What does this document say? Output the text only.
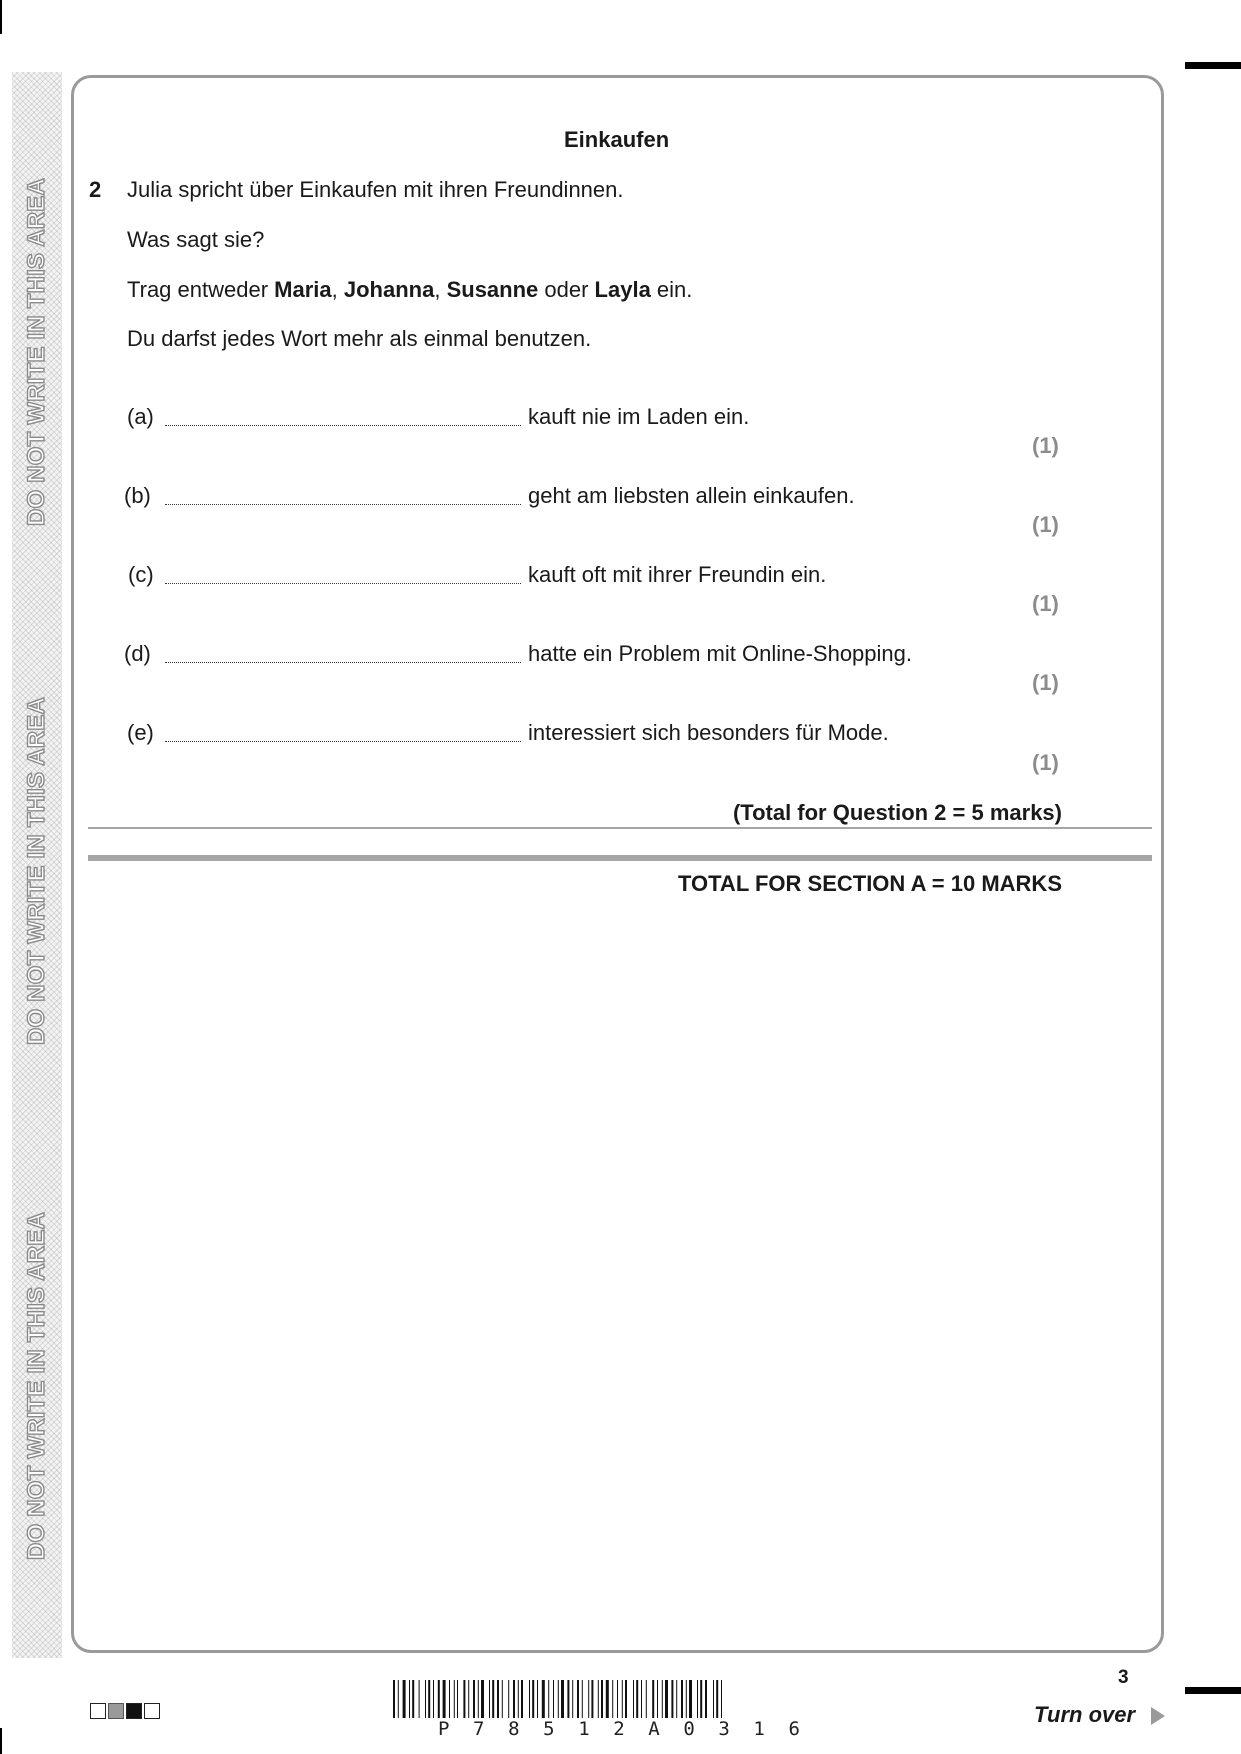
DO NOT WRITE IN THIS AREA
DO NOT WRITE IN THIS AREA
DO NOT WRITE IN THIS AREA
Einkaufen
2 Julia spricht über Einkaufen mit ihren Freundinnen.
Was sagt sie?
Trag entweder Maria, Johanna, Susanne oder Layla ein.
Du darfst jedes Wort mehr als einmal benutzen.
(a)	kauft nie im Laden ein.
(1)
(b)	geht am liebsten allein einkaufen.
(1)
(c)	kauft oft mit ihrer Freundin ein.
(1)
(d)	hatte ein Problem mit Online-Shopping.
(1)
(e)	interessiert sich besonders für Mode.
(1)
(Total for Question 2 = 5 marks)
TOTAL FOR SECTION A = 10 MARKS
P 7 8 5 1 2 A 0 3 1 6
3
Turn over
